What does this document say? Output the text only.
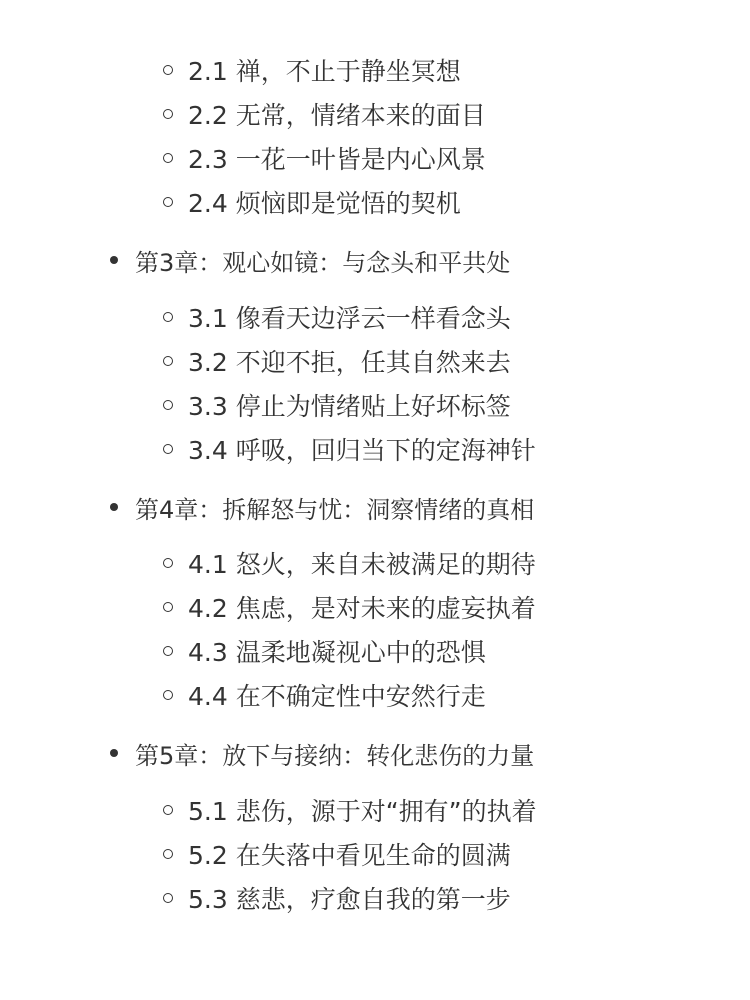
2.1 禅，不止于静坐冥想
2.2 无常，情绪本来的面目
2.3 一花一叶皆是内心风景
2.4 烦恼即是觉悟的契机
第3章：观心如镜：与念头和平共处
3.1 像看天边浮云一样看念头
3.2 不迎不拒，任其自然来去
3.3 停止为情绪贴上好坏标签
3.4 呼吸，回归当下的定海神针
第4章：拆解怒与忧：洞察情绪的真相
4.1 怒火，来自未被满足的期待
4.2 焦虑，是对未来的虚妄执着
4.3 温柔地凝视心中的恐惧
4.4 在不确定性中安然行走
第5章：放下与接纳：转化悲伤的力量
5.1 悲伤，源于对“拥有”的执着
5.2 在失落中看见生命的圆满
5.3 慈悲，疗愈自我的第一步
